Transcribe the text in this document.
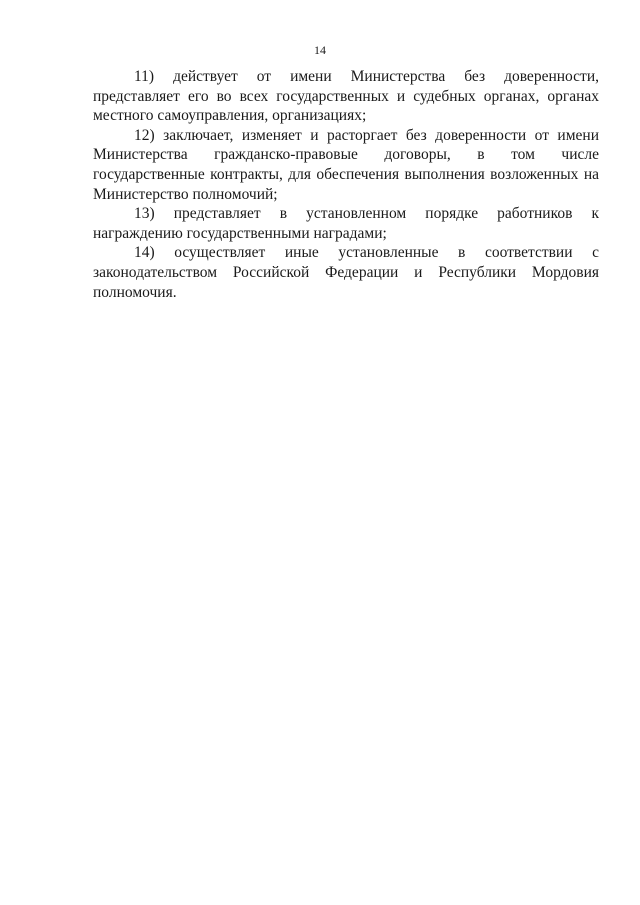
14

11) действует от имени Министерства без доверенности, представляет его во всех государственных и судебных органах, органах местного самоуправления, организациях;

12) заключает, изменяет и расторгает без доверенности от имени Министерства гражданско-правовые договоры, в том числе государственные контракты, для обеспечения выполнения возложенных на Министерство полномочий;

13) представляет в установленном порядке работников к награждению государственными наградами;

14) осуществляет иные установленные в соответствии с законодательством Российской Федерации и Республики Мордовия полномочия.
